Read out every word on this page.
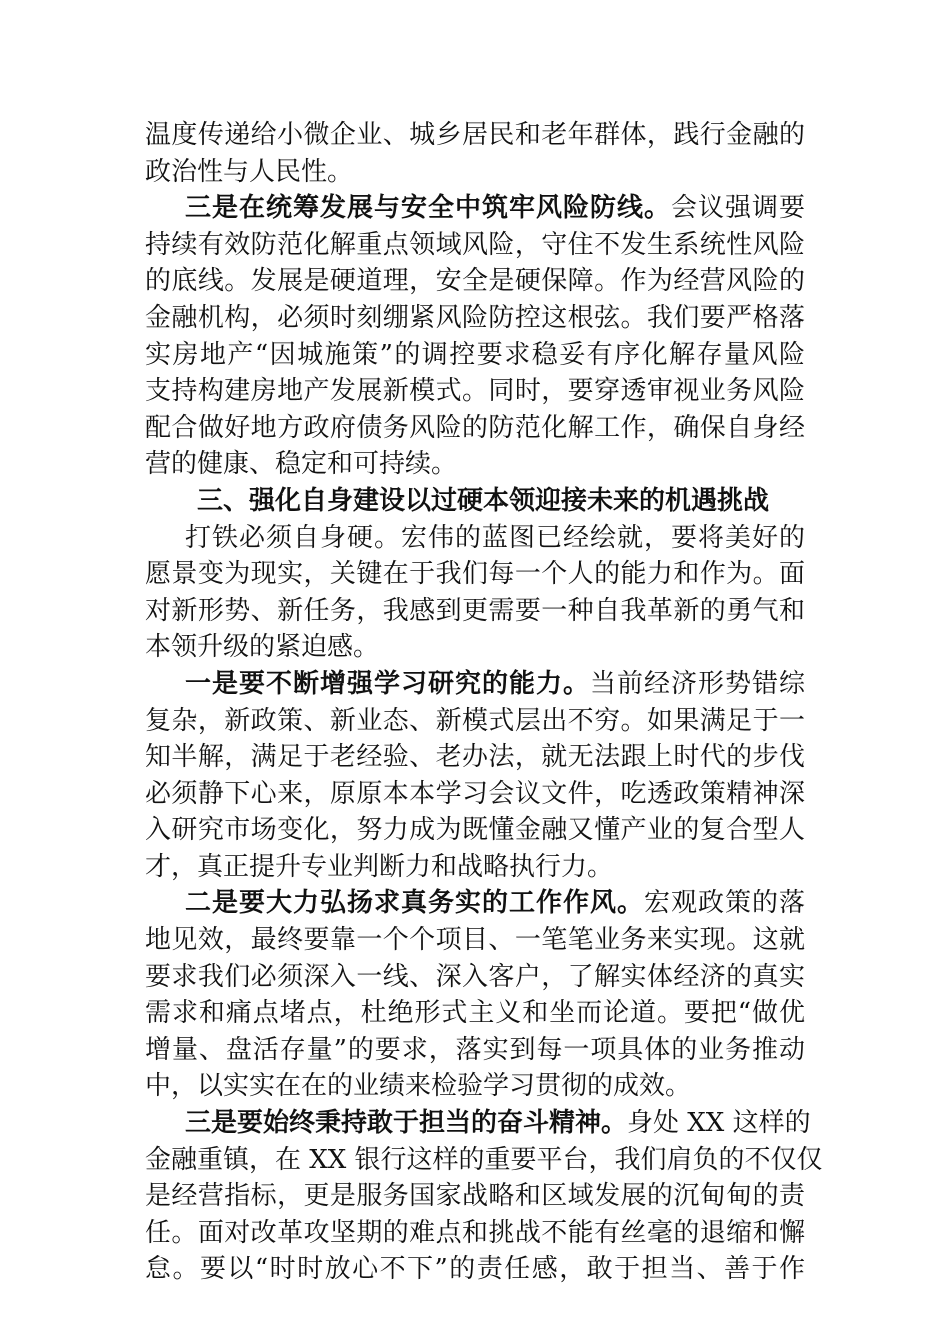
温度传递给小微企业、城乡居民和老年群体，践行金融的
政治性与人民性。
三是在统筹发展与安全中筑牢风险防线。会议强调要
持续有效防范化解重点领域风险，守住不发生系统性风险
的底线。发展是硬道理，安全是硬保障。作为经营风险的
金融机构，必须时刻绷紧风险防控这根弦。我们要严格落
实房地产“因城施策”的调控要求稳妥有序化解存量风险
支持构建房地产发展新模式。同时，要穿透审视业务风险
配合做好地方政府债务风险的防范化解工作，确保自身经
营的健康、稳定和可持续。
三、强化自身建设以过硬本领迎接未来的机遇挑战
打铁必须自身硬。宏伟的蓝图已经绘就，要将美好的
愿景变为现实，关键在于我们每一个人的能力和作为。面
对新形势、新任务，我感到更需要一种自我革新的勇气和
本领升级的紧迫感。
一是要不断增强学习研究的能力。当前经济形势错综
复杂，新政策、新业态、新模式层出不穷。如果满足于一
知半解，满足于老经验、老办法，就无法跟上时代的步伐
必须静下心来，原原本本学习会议文件，吃透政策精神深
入研究市场变化，努力成为既懂金融又懂产业的复合型人
才，真正提升专业判断力和战略执行力。
二是要大力弘扬求真务实的工作作风。宏观政策的落
地见效，最终要靠一个个项目、一笔笔业务来实现。这就
要求我们必须深入一线、深入客户，了解实体经济的真实
需求和痛点堵点，杜绝形式主义和坐而论道。要把“做优
增量、盘活存量”的要求，落实到每一项具体的业务推动
中，以实实在在的业绩来检验学习贯彻的成效。
三是要始终秉持敢于担当的奋斗精神。身处 XX 这样的
金融重镇，在 XX 银行这样的重要平台，我们肩负的不仅仅
是经营指标，更是服务国家战略和区域发展的沉甸甸的责
任。面对改革攻坚期的难点和挑战不能有丝毫的退缩和懈
怠。要以“时时放心不下”的责任感，敢于担当、善于作
